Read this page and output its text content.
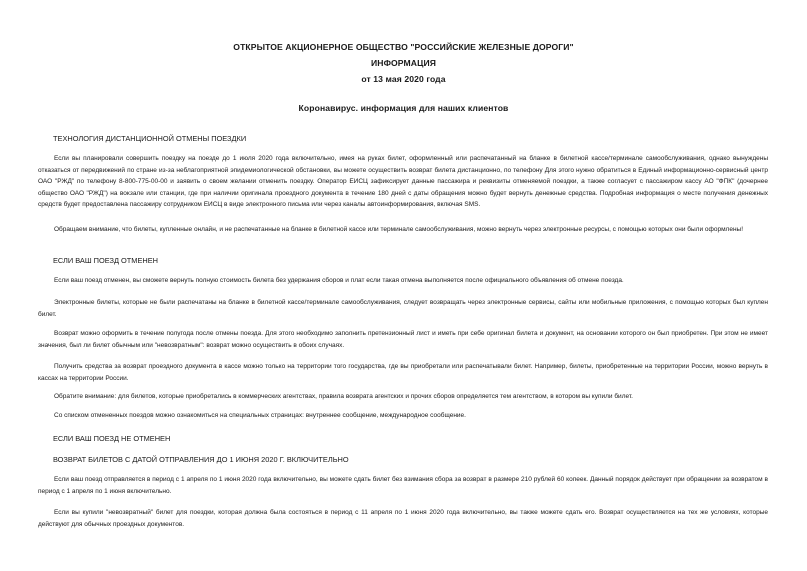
ОТКРЫТОЕ АКЦИОНЕРНОЕ ОБЩЕСТВО "РОССИЙСКИЕ ЖЕЛЕЗНЫЕ ДОРОГИ"
ИНФОРМАЦИЯ
от 13 мая 2020 года
Коронавирус. информация для наших клиентов
ТЕХНОЛОГИЯ ДИСТАНЦИОННОЙ ОТМЕНЫ ПОЕЗДКИ

Если вы планировали совершить поездку на поезде до 1 июля 2020 года включительно, имея на руках билет, оформленный или распечатанный на бланке в билетной кассе/терминале самообслуживания, однако вынуждены отказаться от передвижений по стране из-за неблагоприятной эпидемиологической обстановки, вы можете осуществить возврат билета дистанционно, по телефону Для этого нужно обратиться в Единый информационно-сервисный центр ОАО "РЖД" по телефону 8-800-775-00-00 и заявить о своем желании отменить поездку. Оператор ЕИСЦ зафиксирует данные пассажира и реквизиты отменяемой поездки, а также согласует с пассажиром кассу АО "ФПК" (дочернее общество ОАО "РЖД") на вокзале или станции, где при наличии оригинала проездного документа в течение 180 дней с даты обращения можно будет вернуть денежные средства. Подробная информация о месте получения денежных средств будет предоставлена пассажиру сотрудником ЕИСЦ в виде электронного письма или через каналы автоинформирования, включая SMS.

Обращаем внимание, что билеты, купленные онлайн, и не распечатанные на бланке в билетной кассе или терминале самообслуживания, можно вернуть через электронные ресурсы, с помощью которых они были оформлены!

ЕСЛИ ВАШ ПОЕЗД ОТМЕНЕН

Если ваш поезд отменен, вы сможете вернуть полную стоимость билета без удержания сборов и плат если такая отмена выполняется после официального объявления об отмене поезда.

Электронные билеты, которые не были распечатаны на бланке в билетной кассе/терминале самообслуживания, следует возвращать через электронные сервисы, сайты или мобильные приложения, с помощью которых был куплен билет.

Возврат можно оформить в течение полугода после отмены поезда. Для этого необходимо заполнить претензионный лист и иметь при себе оригинал билета и документ, на основании которого он был приобретен. При этом не имеет значения, был ли билет обычным или "невозвратным": возврат можно осуществить в обоих случаях.

Получить средства за возврат проездного документа в кассе можно только на территории того государства, где вы приобретали или распечатывали билет. Например, билеты, приобретенные на территории России, можно вернуть в кассах на территории России.

Обратите внимание: для билетов, которые приобретались в коммерческих агентствах, правила возврата агентских и прочих сборов определяется тем агентством, в котором вы купили билет.

Со списком отмененных поездов можно ознакомиться на специальных страницах: внутреннее сообщение, международное сообщение.

ЕСЛИ ВАШ ПОЕЗД НЕ ОТМЕНЕН
ВОЗВРАТ БИЛЕТОВ С ДАТОЙ ОТПРАВЛЕНИЯ ДО 1 ИЮНЯ 2020 Г. ВКЛЮЧИТЕЛЬНО

Если ваш поезд отправляется в период с 1 апреля по 1 июня 2020 года включительно, вы можете сдать билет без взимания сбора за возврат в размере 210 рублей 60 копеек. Данный порядок действует при обращении за возвратом в период с 1 апреля по 1 июня включительно.

Если вы купили "невозвратный" билет для поездки, которая должна была состояться в период с 11 апреля по 1 июня 2020 года включительно, вы также можете сдать его. Возврат осуществляется на тех же условиях, которые действуют для обычных проездных документов.
